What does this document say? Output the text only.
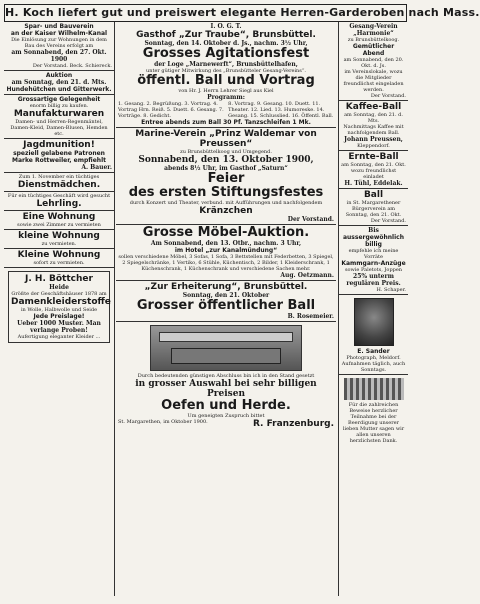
H. Koch liefert gut und preiswert elegante Herren-Garderoben nach Mass.
Spar- und Bauverein
an der Kaiser Wilhelm-Kanal
Die Einlösung zur Wohnungen in dem Bau des Vereins erfolgt am
am Sonnabend, den 27. Okt. 1900
Der Vorstand. Beck. Schiereck.
Auktion
am Sonntag, den 21. d. Mts.
Hundehütchen und Gitterwerk.
Grossartige Gelegenheit
enorm billig zu kaufen.
Manufakturwaren
Damen- und Herren-Regenmäntel, Damen-Kleid, Damen-Blusen, Hemden etc.
Jagdmunition!
speziell gelabene Patronen Marke Rottweiler, empfiehlt
A. Bauer.
Zum 1. November ein tüchtiges
Dienstmädchen.
Für ein tüchtiges Geschäft wird gesucht
Lehrling.
Eine Wohnung
sowie zwei Zimmer zu vermieten
kleine Wohnung
zu vermieten.
Kleine Wohnung
sofort zu vermieten.
J. H. Böttcher
Heide
Größte der Geschäftshäuser 1878 am
Damenkleiderstoffe
in Wolle, Halbwolle und Seide
Jede Preislage!
Ueber 1000 Muster. Man verlange Proben!
Aufertigung eleganter Kleider ...
I. O. G. T.
Gasthof „Zur Traube“, Brunsbüttel.
Sonntag, den 14. Oktober d. Js., nachm. 3½ Uhr,
Grosses Agitationsfest
der Loge „Marnewerft“, Brunsbüttelhafen,
unter gütiger Mitwirkung des „Brunsbütteler Gesang-Vereins“.
öffentl. Ball und Vortrag
von Hr. J. Herrn Lehrer Siegl aus Kiel
Programm:
1. Gesang. 2. Begrüßung. 3. Vortrag. 4. Vortrag Hrn. Reiß. 5. Duett. 6. Gesang. 7. Vorträge. 8. Gedicht.
8. Vortrag. 9. Gesang. 10. Duett. 11. Theater. 12. Lied. 13. Humoreske. 14. Gesang. 15. Schlusslied. 16. Öffentl. Ball.
Entree abends zum Ball 30 Pf. Tanzschleifen 1 Mk.
Marine-Verein „Prinz Waldemar von Preussen“
zu Brunsbüttelkoog und Umgegend.
Sonnabend, den 13. Oktober 1900,
abends 8½ Uhr, im Gasthof „Saturn“
Feier
des ersten Stiftungsfestes
durch Konzert und Theater, verbund. mit Aufführungen und nachfolgendem
Kränzchen
Der Vorstand.
Grosse Möbel-Auktion.
Am Sonnabend, den 13. Otbr., nachm. 3 Uhr,
im Hotel „zur Kanalmündung“
sollen verschiedene Möbel, 3 Sofas, 1 Sofa, 3 Bettstellen mit Federbetten, 3 Spiegel, 2 Spiegelschränke, 1 Vertiko, 6 Stühle, Küchentisch, 2 Bilder, 1 Kleiderschrank, 1 Küchenschrank, 1 Küchenschrank und verschiedene Sachen mehr.
Aug. Oetzmann.
„Zur Erheiterung“, Brunsbüttel.
Sonntag, den 21. Oktober
Grosser öffentlicher Ball
B. Rosemeier.
Durch bedeutenden günstigen Abschluss bin ich in den Stand gesetzt
in grosser Auswahl bei sehr billigen Preisen
Oefen und Herde.
Um geneigten Zuspruch bittet
St. Margarethen, im Oktober 1900.	R. Franzenburg.
Gesang-Verein „Harmonie“
zu Brunsbüttelkoog.
Gemütlicher Abend
am Sonnabend, den 20. Okt. d. Js.
im Vereinslokale, wozu die Mitglieder freundlichst eingeladen werden.
Der Vorstand.
Kaffee-Ball
am Sonntag, den 21. d. Mts.
Nachmittags Kaffee mit nachfolgendem Ball.
Johann Preussen,
Kleppendorf.
Ernte-Ball
am Sonntag, den 21. Okt.
wozu freundlichst einladet
H. Tühl, Eddelak.
Ball
in St. Margarethener Bürgerverein am Sonntag, den 21. Okt.
Der Vorstand.
Bis
aussergewöhnlich billig
empfehle ich meine Vorräte
Kammgarn-Anzüge
sowie Paletots, Joppen
25% unterm regulären Preis.
H. Schaper.
E. Sander
Photograph, Meldorf.
Aufnahmen täglich, auch Sonntags.
Für die zahlreichen Beweise herzlicher Teilnahme bei der Beerdigung unserer lieben Mutter sagen wir allen unseren herzlichsten Dank.
